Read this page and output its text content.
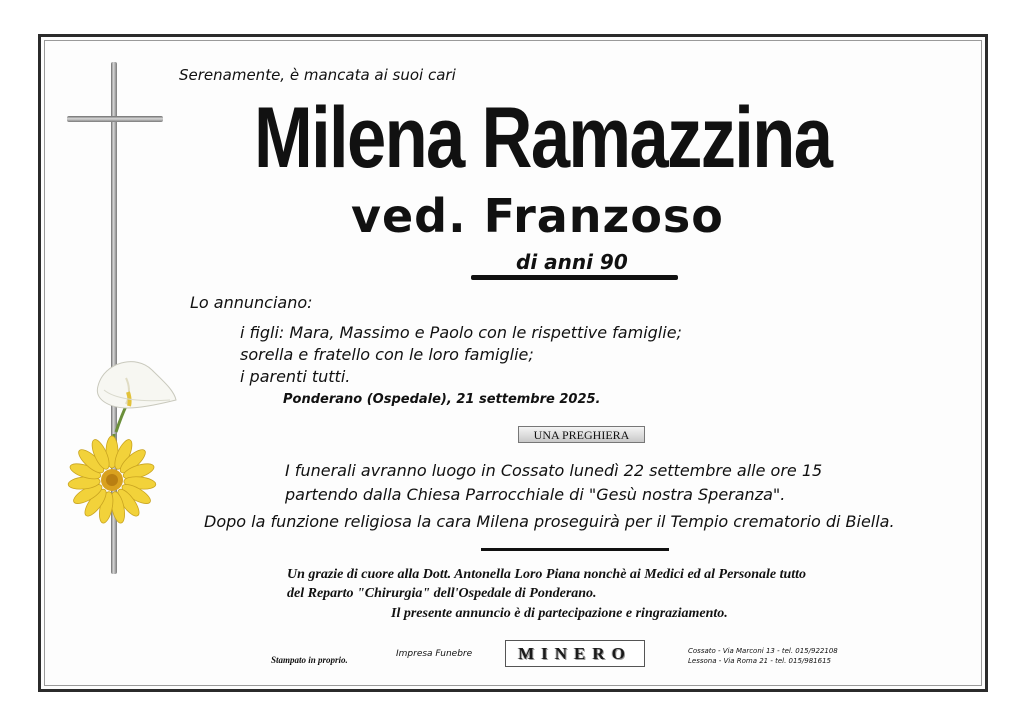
Serenamente, è mancata ai suoi cari
Milena Ramazzina
ved. Franzoso
di anni 90
Lo annunciano:
i figli: Mara, Massimo e Paolo con le rispettive famiglie;
sorella e fratello con le loro famiglie;
i parenti tutti.
Ponderano (Ospedale), 21 settembre 2025.
UNA PREGHIERA
I funerali avranno luogo in Cossato lunedì 22 settembre alle ore 15
partendo dalla Chiesa Parrocchiale di "Gesù nostra Speranza".
Dopo la funzione religiosa la cara Milena proseguirà per il Tempio crematorio di Biella.
Un grazie di cuore alla Dott. Antonella Loro Piana nonchè ai Medici ed al Personale tutto
del Reparto "Chirurgia" dell'Ospedale di Ponderano.
Il presente annuncio è di partecipazione e ringraziamento.
Stampato in proprio.
Impresa Funebre	MINERO	Cossato - Via Marconi 13 - tel. 015/922108
Lessona - Via Roma 21 - tel. 015/981615
